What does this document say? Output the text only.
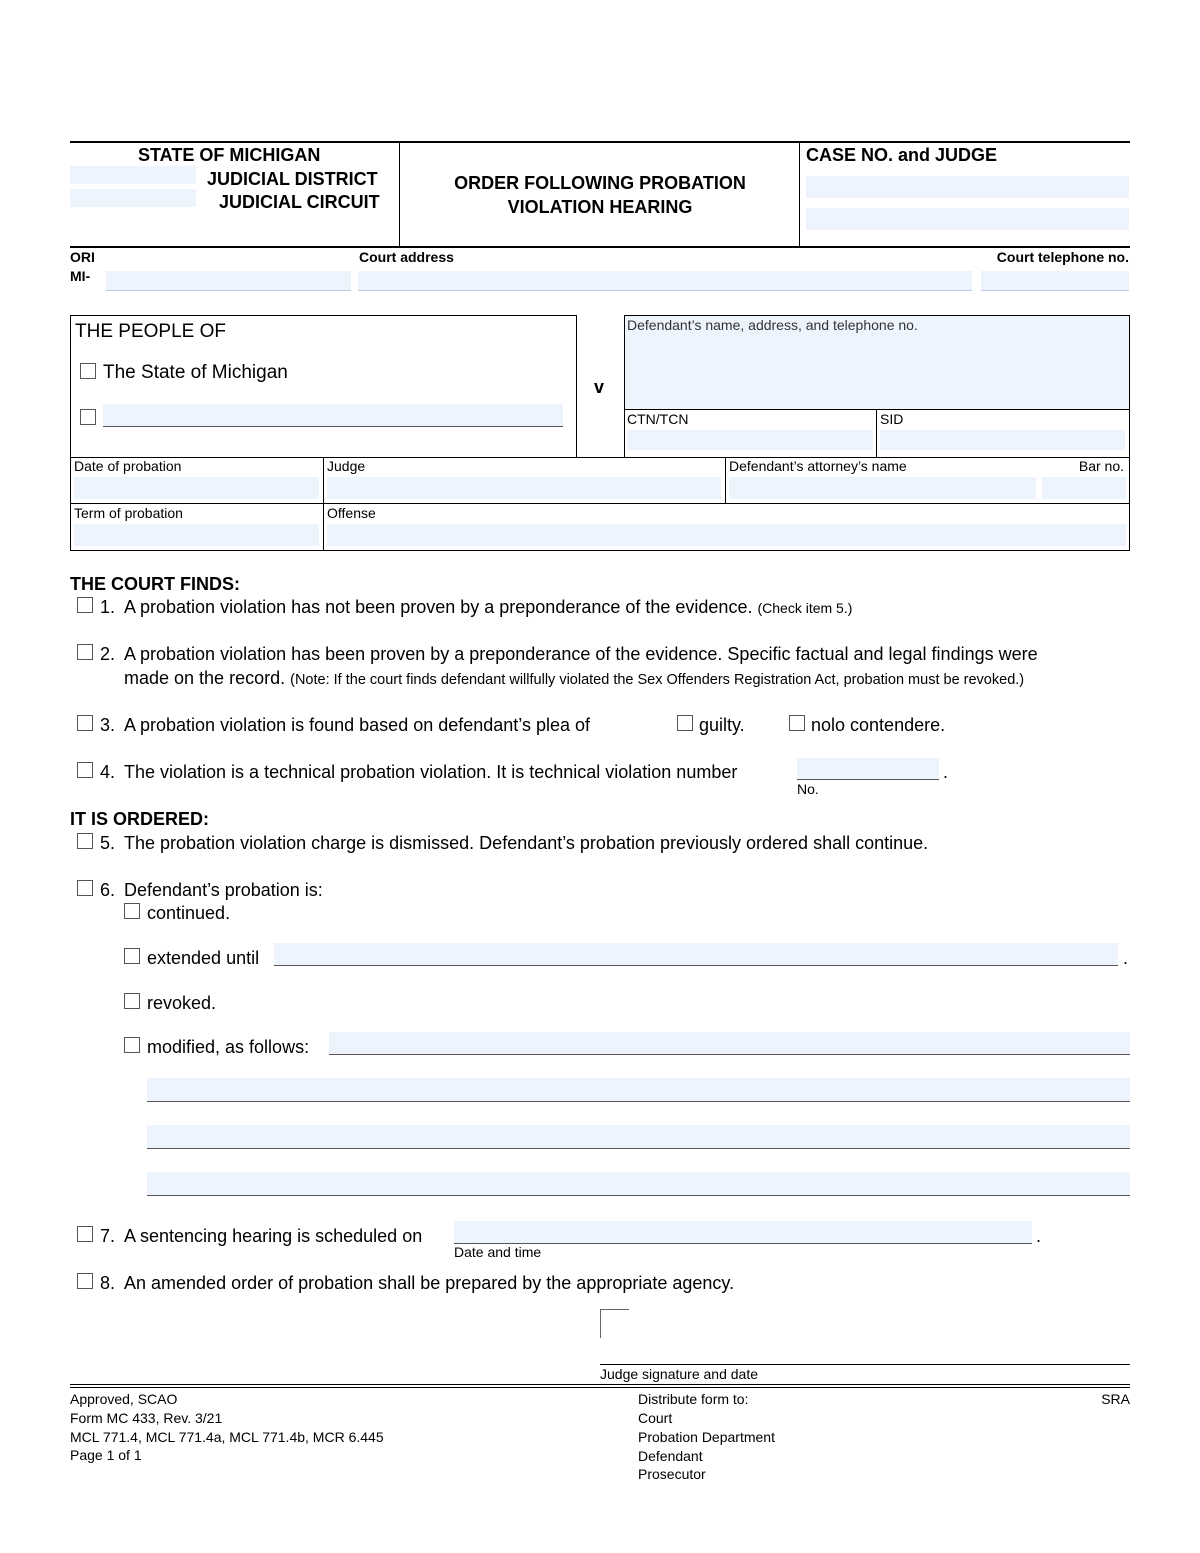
STATE OF MICHIGAN
JUDICIAL DISTRICT
JUDICIAL CIRCUIT
ORDER FOLLOWING PROBATION
VIOLATION HEARING
CASE NO. and JUDGE
ORI
MI-
Court address	Court telephone no.
THE PEOPLE OF
The State of Michigan
v
Defendant’s name, address, and telephone no.
CTN/TCN	SID
Date of probation	Judge	Defendant’s attorney’s name	Bar no.
Term of probation	Offense
THE COURT FINDS:
1. A probation violation has not been proven by a preponderance of the evidence. (Check item 5.)
2. A probation violation has been proven by a preponderance of the evidence. Specific factual and legal findings were
made on the record. (Note: If the court finds defendant willfully violated the Sex Offenders Registration Act, probation must be revoked.)
3. A probation violation is found based on defendant’s plea of	guilty.	nolo contendere.
4. The violation is a technical probation violation. It is technical violation number	.
No.
IT IS ORDERED:
5. The probation violation charge is dismissed. Defendant’s probation previously ordered shall continue.
6. Defendant’s probation is:
continued.
extended until	.
revoked.
modified, as follows:
7. A sentencing hearing is scheduled on	.
Date and time
8. An amended order of probation shall be prepared by the appropriate agency.
Judge signature and date
Approved, SCAO
Form MC 433, Rev. 3/21
MCL 771.4, MCL 771.4a, MCL 771.4b, MCR 6.445
Page 1 of 1
Distribute form to:
Court
Probation Department
Defendant
Prosecutor
SRA
